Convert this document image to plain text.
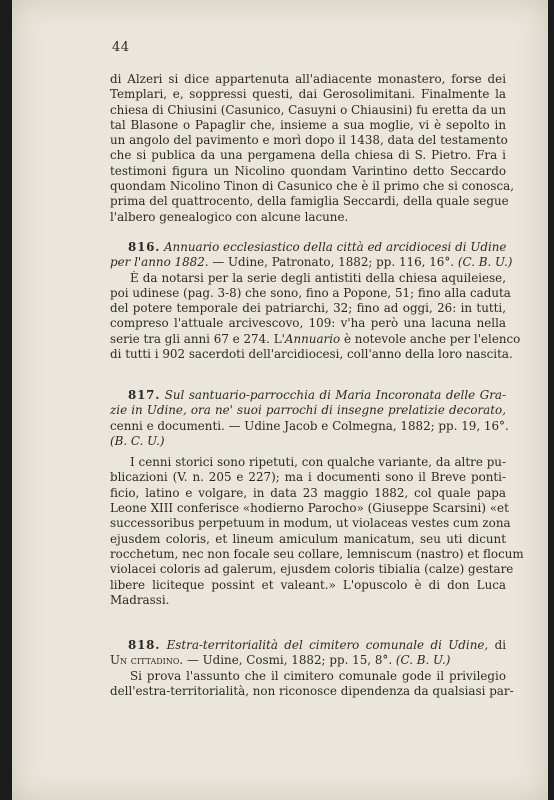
44
di Alzeri si dice appartenuta all'adiacente monastero, forse dei
Templari, e, soppressi questi, dai Gerosolimitani. Finalmente la
chiesa di Chiusini (Casunico, Casuyni o Chiausini) fu eretta da un
tal Blasone o Papaglir che, insieme a sua moglie, vi è sepolto in
un angolo del pavimento e morì dopo il 1438, data del testamento
che si publica da una pergamena della chiesa di S. Pietro. Fra i
testimoni figura un Nicolino quondam Varintino detto Seccardo
quondam Nicolino Tinon di Casunico che è il primo che si conosca,
prima del quattrocento, della famiglia Seccardi, della quale segue
l'albero genealogico con alcune lacune.
816. Annuario ecclesiastico della città ed arcidiocesi di Udine
per l'anno 1882. — Udine, Patronato, 1882; pp. 116, 16°. (C. B. U.)
È da notarsi per la serie degli antistiti della chiesa aquileiese,
poi udinese (pag. 3-8) che sono, fino a Popone, 51; fino alla caduta
del potere temporale dei patriarchi, 32; fino ad oggi, 26: in tutti,
compreso l'attuale arcivescovo, 109: v'ha però una lacuna nella
serie tra gli anni 67 e 274. L'Annuario è notevole anche per l'elenco
di tutti i 902 sacerdoti dell'arcidiocesi, coll'anno della loro nascita.
817. Sul santuario-parrocchia di Maria Incoronata delle Gra-
zie in Udine, ora ne' suoi parrochi di insegne prelatizie decorato,
cenni e documenti. — Udine Jacob e Colmegna, 1882; pp. 19, 16°.
(B. C. U.)
I cenni storici sono ripetuti, con qualche variante, da altre pu-
blicazioni (V. n. 205 e 227); ma i documenti sono il Breve ponti-
ficio, latino e volgare, in data 23 maggio 1882, col quale papa
Leone XIII conferisce «hodierno Parocho» (Giuseppe Scarsini) «et
successoribus perpetuum in modum, ut violaceas vestes cum zona
ejusdem coloris, et lineum amiculum manicatum, seu uti dicunt
rocchetum, nec non focale seu collare, lemniscum (nastro) et flocum
violacei coloris ad galerum, ejusdem coloris tibialia (calze) gestare
libere liciteque possint et valeant.» L'opuscolo è di don Luca
Madrassi.
818. Estra-territorialità del cimitero comunale di Udine, di
Un cittadino. — Udine, Cosmi, 1882; pp. 15, 8°. (C. B. U.)
Si prova l'assunto che il cimitero comunale gode il privilegio
dell'estra-territorialità, non riconosce dipendenza da qualsiasi par-
